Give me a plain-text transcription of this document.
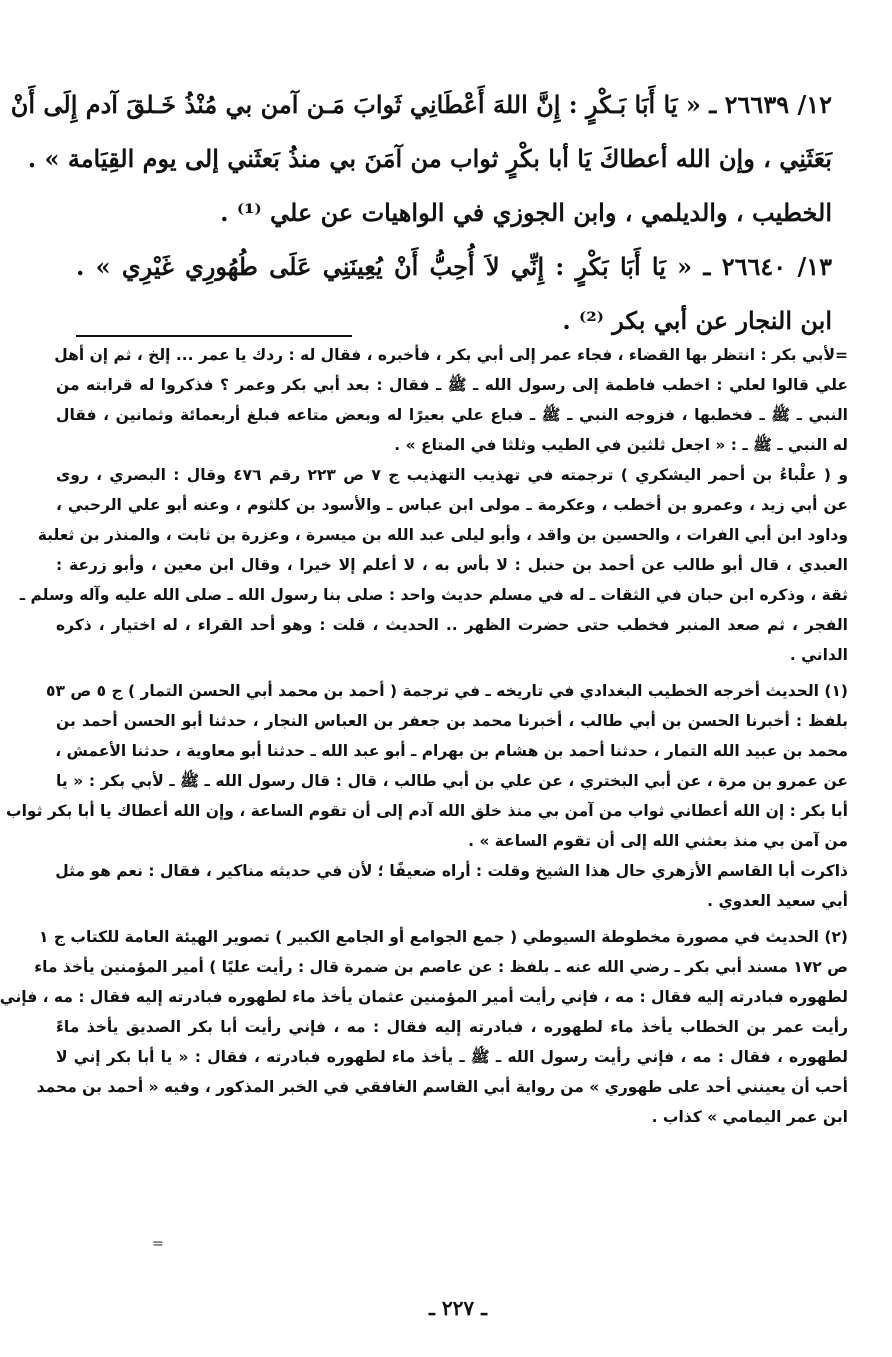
١٢/ ٢٦٦٣٩ ـ « يَا أَبَا بَـكْرٍ : إِنَّ اللهَ أَعْطَانِي ثَوابَ مَـن آمن بي مُنْذُ خَـلقَ آدم إِلَى أَنْ
بَعَثَنِي ، وإن الله أعطاكَ يَا أبا بكْرٍ ثواب من آمَنَ بي منذُ بَعثَني إلى يوم القِيَامة » .
الخطيب ، والديلمي ، وابن الجوزي في الواهيات عن علي ⁽¹⁾ .
١٣/ ٢٦٦٤٠ ـ « يَا أَبَا بَكْرٍ : إِنِّي لاَ أُحِبُّ أَنْ يُعِينَنِي عَلَى طُهُورِي غَيْرِي » .
ابن النجار عن أبي بكر ⁽²⁾ .
=لأبي بكر : انتظر بها القضاء ، فجاء عمر إلى أبي بكر ، فأخبره ، فقال له : ردك يا عمر ... إلخ ، ثم إن أهل
علي قالوا لعلي : اخطب فاطمة إلى رسول الله ـ ﷺ ـ فقال : بعد أبي بكر وعمر ؟ فذكروا له قرابته من
النبي ـ ﷺ ـ فخطبها ، فزوجه النبي ـ ﷺ ـ فباع علي بعيرًا له وبعض متاعه فبلغ أربعمائة وثمانين ، فقال
له النبي ـ ﷺ ـ : « اجعل ثلثين في الطيب وثلثا في المتاع » .
و ( علْباءُ بن أحمر اليشكري ) ترجمته في تهذيب التهذيب ج ٧ ص ٢٢٣ رقم ٤٧٦ وقال : البصري ، روى
عن أبي زيد ، وعمرو بن أخطب ، وعكرمة ـ مولى ابن عباس ـ والأسود بن كلثوم ، وعنه أبو علي الرحبي ،
وداود ابن أبي الفرات ، والحسين بن واقد ، وأبو ليلى عبد الله بن ميسرة ، وعزرة بن ثابت ، والمنذر بن ثعلبة
العبدي ، قال أبو طالب عن أحمد بن حنبل : لا بأس به ، لا أعلم إلا خيرا ، وقال ابن معين ، وأبو زرعة :
ثقة ، وذكره ابن حبان في الثقات ـ له في مسلم حديث واحد : صلى بنا رسول الله ـ صلى الله عليه وآله وسلم ـ
الفجر ، ثم صعد المنبر فخطب حتى حضرت الظهر .. الحديث ، قلت : وهو أحد القراء ، له اختيار ، ذكره
الداني .
(١) الحديث أخرجه الخطيب البغدادي في تاريخه ـ في ترجمة ( أحمد بن محمد أبي الحسن التمار ) ج ٥ ص ٥٣
بلفظ : أخبرنا الحسن بن أبي طالب ، أخبرنا محمد بن جعفر بن العباس النجار ، حدثنا أبو الحسن أحمد بن
محمد بن عبيد الله التمار ، حدثنا أحمد بن هشام بن بهرام ـ أبو عبد الله ـ حدثنا أبو معاوية ، حدثنا الأعمش ،
عن عمرو بن مرة ، عن أبي البختري ، عن علي بن أبي طالب ، قال : قال رسول الله ـ ﷺ ـ لأبي بكر : « يا
أبا بكر : إن الله أعطاني ثواب من آمن بي منذ خلق الله آدم إلى أن تقوم الساعة ، وإن الله أعطاك يا أبا بكر ثواب
من آمن بي منذ بعثني الله إلى أن تقوم الساعة » .
ذاكرت أبا القاسم الأزهري حال هذا الشيخ وقلت : أراه ضعيفًا ؛ لأن في حديثه مناكير ، فقال : نعم هو مثل
أبي سعيد العدوي .
(٢) الحديث في مصورة مخطوطة السيوطي ( جمع الجوامع أو الجامع الكبير ) تصوير الهيئة العامة للكتاب ج ١
ص ١٧٢ مسند أبي بكر ـ رضي الله عنه ـ بلفظ : عن عاصم بن ضمرة قال : رأيت عليًا ) أمير المؤمنين يأخذ ماء
لطهوره فبادرته إليه فقال : مه ، فإني رأيت أمير المؤمنين عثمان يأخذ ماء لطهوره فبادرته إليه فقال : مه ، فإني
رأيت عمر بن الخطاب يأخذ ماء لطهوره ، فبادرته إليه فقال : مه ، فإني رأيت أبا بكر الصديق يأخذ ماءً
لطهوره ، فقال : مه ، فإني رأيت رسول الله ـ ﷺ ـ يأخذ ماء لطهوره فبادرته ، فقال : « يا أبا بكر إني لا
أحب أن يعينني أحد على طهوري » من رواية أبي القاسم الغافقي في الخبر المذكور ، وفيه « أحمد بن محمد
ابن عمر اليمامي » كذاب .
=
ـ ٢٢٧ ـ
